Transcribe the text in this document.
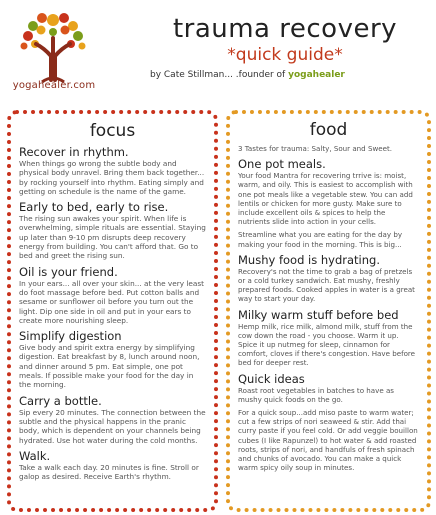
yogahealer.com
trauma recovery
*quick guide*
by Cate Stillman... .founder of yogahealer
focus
Recover in rhythm.
When things go wrong the subtle body and physical body unravel. Bring them back together... by rocking yourself into rhythm. Eating simply and getting on schedule is the name of the game.
Early to bed, early to rise.
The rising sun awakes your spirit. When life is overwhelming, simple rituals are essential. Staying up later than 9-10 pm disrupts deep recovery energy from building. You can't afford that. Go to bed and greet the rising sun.
Oil is your friend.
In your ears... all over your skin... at the very least do foot massage before bed. Put cotton balls and sesame or sunflower oil before you turn out the light. Dip one side in oil and put in your ears to create more nourishing sleep.
Simplify digestion
Give body and spirit extra energy by simplifying digestion. Eat breakfast by 8, lunch around noon, and dinner around 5 pm. Eat simple, one pot meals. If possible make your food for the day in the morning.
Carry a bottle.
Sip every 20 minutes. The connection between the subtle and the physical happens in the pranic body, which is dependent on your channels being hydrated. Use hot water during the cold months.
Walk.
Take a walk each day. 20 minutes is fine. Stroll or galop as desired. Receive Earth's rhythm.
food
3 Tastes for trauma: Salty, Sour and Sweet.
One pot meals.
Your food Mantra for recovering trrive is: moist, warm, and oily. This is easiest to accomplish with one pot meals like a vegetable stew. You can add lentils or chicken for more gusty. Make sure to include excellent oils & spices to help the nutrients slide into action in your cells.
Streamline what you are eating for the day by making your food in the morning. This is big...
Mushy food is hydrating.
Recovery's not the time to grab a bag of pretzels or a cold turkey sandwich. Eat mushy, freshly prepared foods. Cooked apples in water is a great way to start your day.
Milky warm stuff before bed
Hemp milk, rice milk, almond milk, stuff from the cow down the road - you choose. Warm it up. Spice it up nutmeg for sleep, cinnamon for comfort, cloves if there's congestion. Have before bed for deeper rest.
Quick ideas
Roast root vegetables in batches to have as mushy quick foods on the go.
For a quick soup...add miso paste to warm water; cut a few strips of nori seaweed & stir. Add thai curry paste if you feel cold. Or add veggie bouillon cubes (I like Rapunzel) to hot water & add roasted roots, strips of nori, and handfuls of fresh spinach and chunks of avocado. You can make a quick warm spicy oily soup in minutes.
